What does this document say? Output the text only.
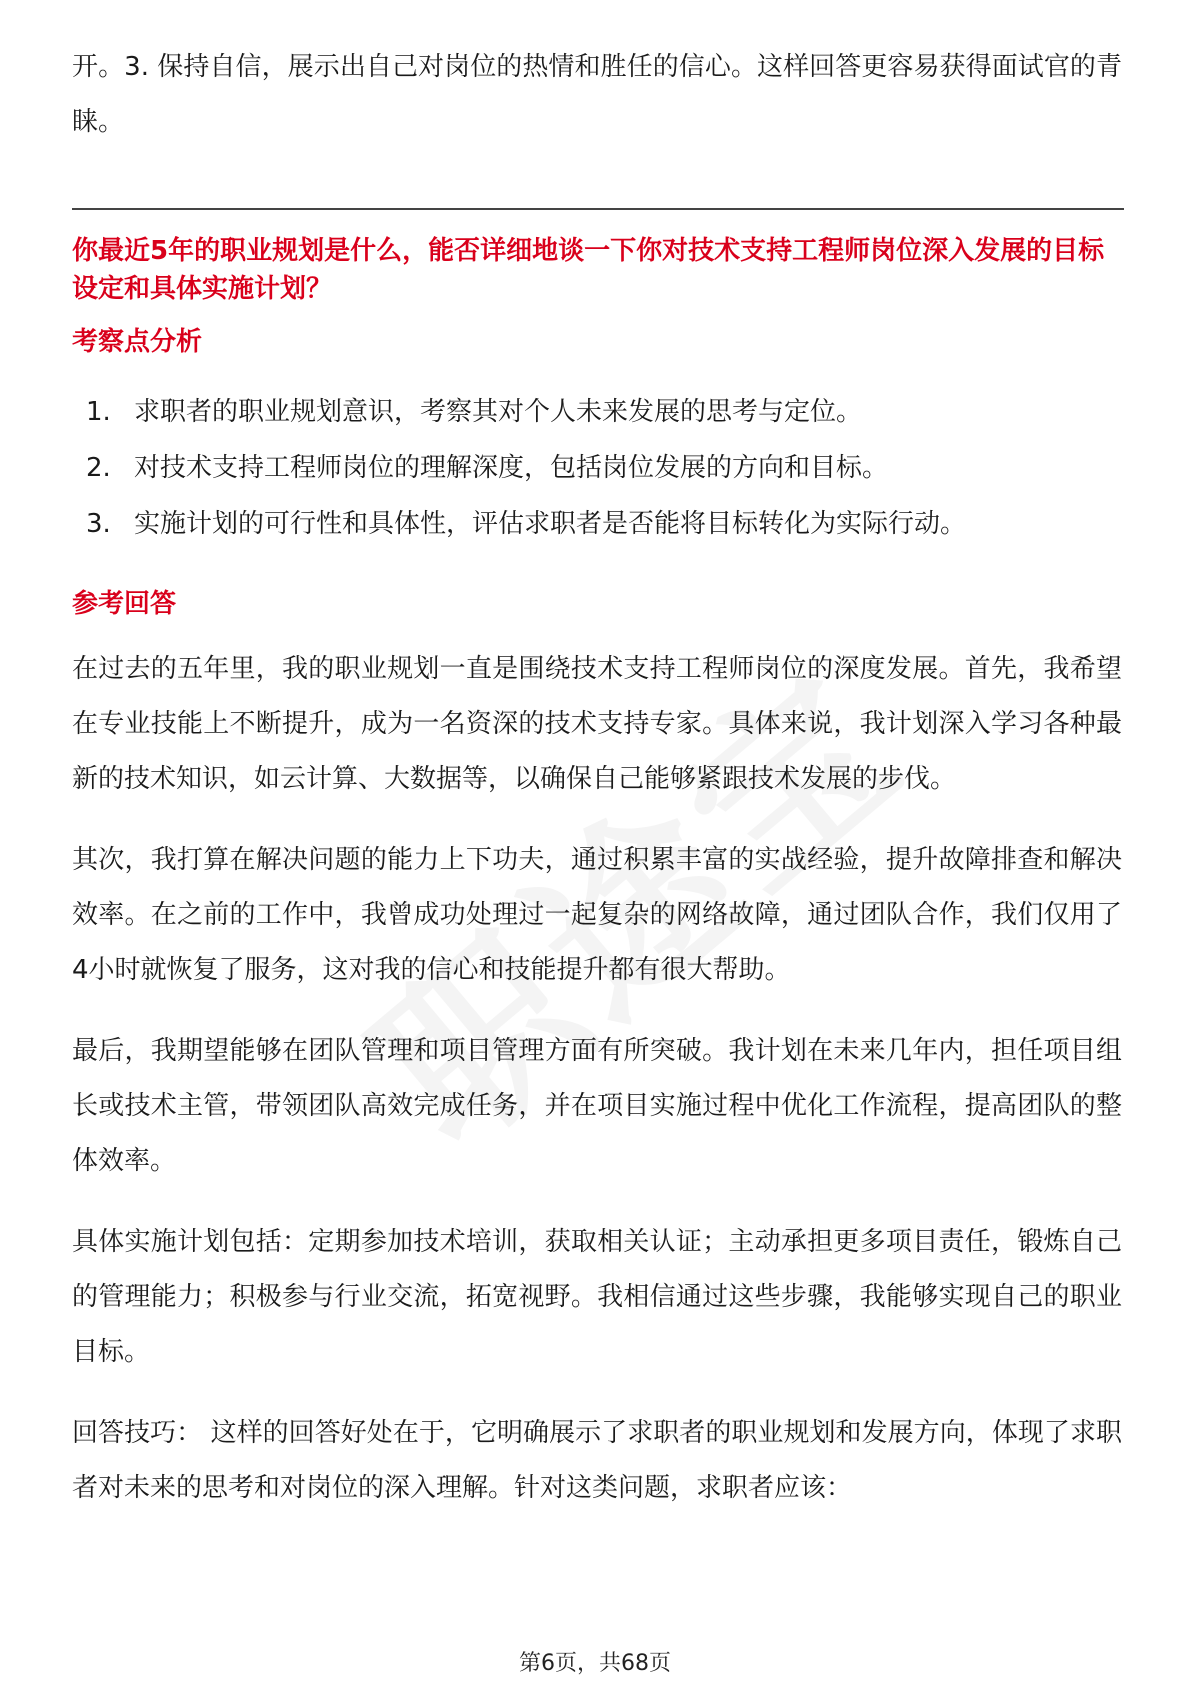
开。3. 保持自信，展示出自己对岗位的热情和胜任的信心。这样回答更容易获得面试官的青睐。

你最近5年的职业规划是什么，能否详细地谈一下你对技术支持工程师岗位深入发展的目标设定和具体实施计划？
考察点分析
1. 求职者的职业规划意识，考察其对个人未来发展的思考与定位。
2. 对技术支持工程师岗位的理解深度，包括岗位发展的方向和目标。
3. 实施计划的可行性和具体性，评估求职者是否能将目标转化为实际行动。
参考回答

在过去的五年里，我的职业规划一直是围绕技术支持工程师岗位的深度发展。首先，我希望在专业技能上不断提升，成为一名资深的技术支持专家。具体来说，我计划深入学习各种最新的技术知识，如云计算、大数据等，以确保自己能够紧跟技术发展的步伐。

其次，我打算在解决问题的能力上下功夫，通过积累丰富的实战经验，提升故障排查和解决效率。在之前的工作中，我曾成功处理过一起复杂的网络故障，通过团队合作，我们仅用了4小时就恢复了服务，这对我的信心和技能提升都有很大帮助。

最后，我期望能够在团队管理和项目管理方面有所突破。我计划在未来几年内，担任项目组长或技术主管，带领团队高效完成任务，并在项目实施过程中优化工作流程，提高团队的整体效率。

具体实施计划包括：定期参加技术培训，获取相关认证；主动承担更多项目责任，锻炼自己的管理能力；积极参与行业交流，拓宽视野。我相信通过这些步骤，我能够实现自己的职业目标。

回答技巧： 这样的回答好处在于，它明确展示了求职者的职业规划和发展方向，体现了求职者对未来的思考和对岗位的深入理解。针对这类问题，求职者应该：

第6页，共68页
